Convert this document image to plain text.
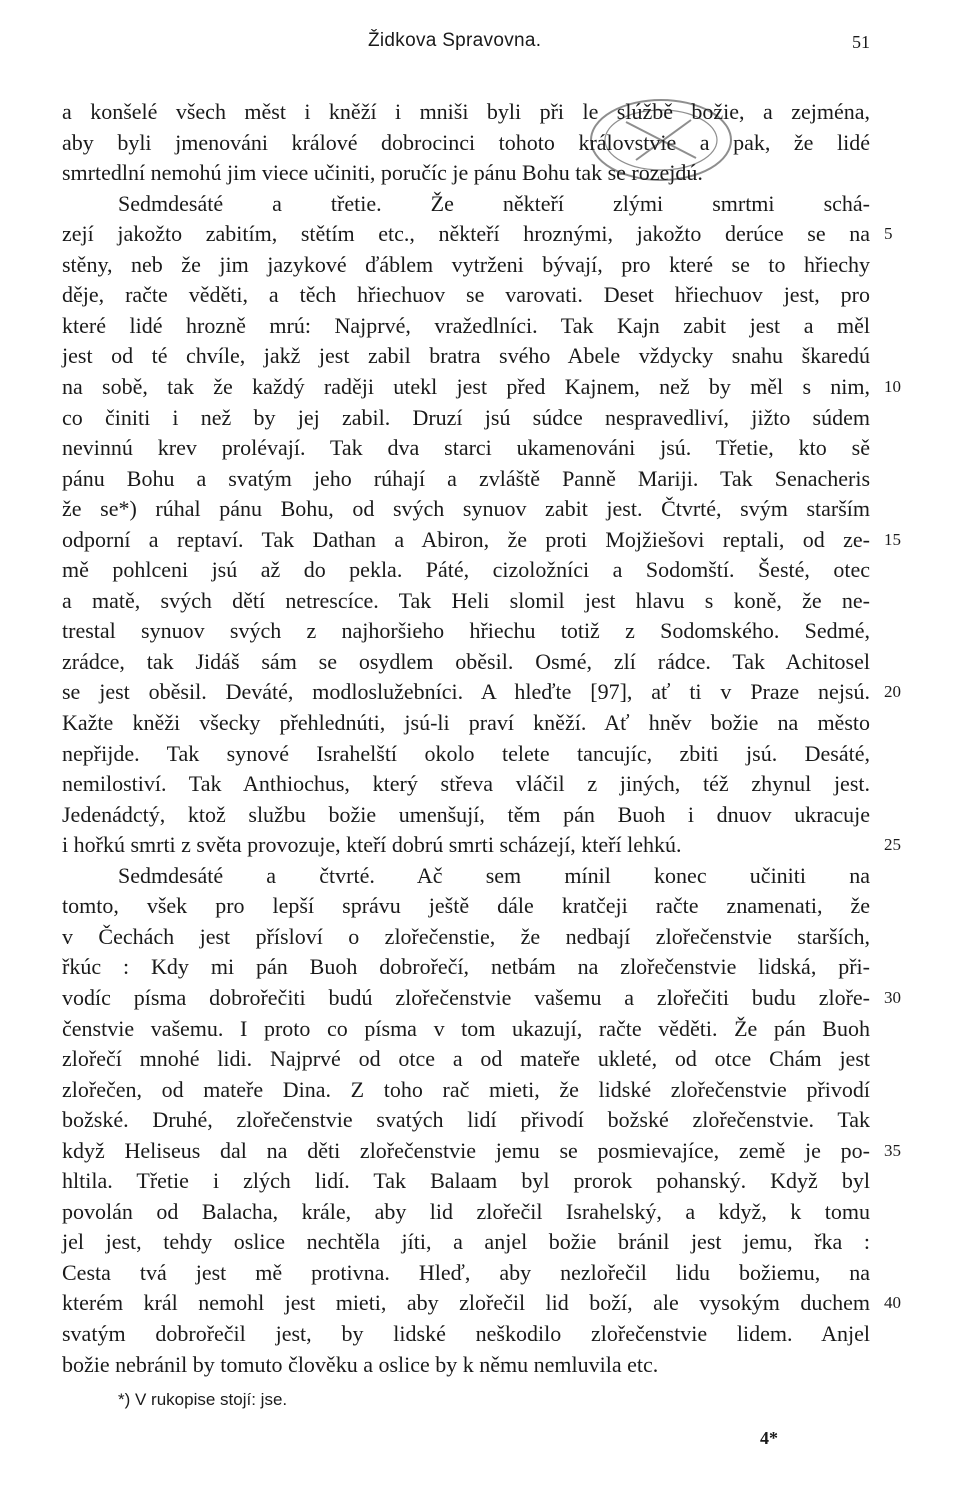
Židkova Spravovna.	51
a konšelé všech měst i kněží i mniši byli při le slúžbě božie, a zejména,
aby byli jmenováni králové dobrocinci tohoto královstvie a pak, že lidé
smrtedlní nemohú jim viece učiniti, poručíc je pánu Bohu tak se rozejdú.
Sedmdesáté a třetie. Že někteří zlými smrtmi schá-
zejí jakožto zabitím, stětím etc., někteří hroznými, jakožto derúce se na
stěny, neb že jim jazykové ďáblem vytrženi bývají, pro které se to hřiechy
děje, račte věděti, a těch hřiechuov se varovati. Deset hřiechuov jest, pro
které lidé hrozně mrú: Najprvé, vražedlníci. Tak Kajn zabit jest a měl
jest od té chvíle, jakž jest zabil bratra svého Abele vždycky snahu škaredú
na sobě, tak že každý raději utekl jest před Kajnem, než by měl s nim,
co činiti i než by jej zabil. Druzí jsú súdce nespravedliví, jižto súdem
nevinnú krev prolévají. Tak dva starci ukamenováni jsú. Třetie, kto sě
pánu Bohu a svatým jeho rúhají a zvláště Panně Mariji. Tak Senacheris
že se*) rúhal pánu Bohu, od svých synuov zabit jest. Čtvrté, svým starším
odporní a reptaví. Tak Dathan a Abiron, že proti Mojžiešovi reptali, od ze-
mě pohlceni jsú až do pekla. Páté, cizoložníci a Sodomští. Šesté, otec
a matě, svých dětí netrescíce. Tak Heli slomil jest hlavu s koně, že ne-
trestal synuov svých z najhoršieho hřiechu totiž z Sodomského. Sedmé,
zrádce, tak Jidáš sám se osydlem oběsil. Osmé, zlí rádce. Tak Achitosel
se jest oběsil. Deváté, modloslužebníci. A hleďte [97], ať ti v Praze nejsú.
Kažte kněži všecky přehlednúti, jsú-li praví kněží. Ať hněv božie na město
nepřijde. Tak synové Israhelští okolo telete tancujíc, zbiti jsú. Desáté,
nemilostiví. Tak Anthiochus, který střeva vláčil z jiných, též zhynul jest.
Jedenádctý, ktož službu božie umenšují, těm pán Buoh i dnuov ukracuje
i hořkú smrti z světa provozuje, kteří dobrú smrti scházejí, kteří lehkú.
Sedmdesáté a čtvrté. Ač sem mínil konec učiniti na
tomto, všek pro lepší správu ještě dále kratčeji račte znamenati, že
v Čechách jest přísloví o zlořečenstie, že nedbají zlořečenstvie starších,
řkúc : Kdy mi pán Buoh dobrořečí, netbám na zlořečenstvie lidská, při-
vodíc písma dobrořečiti budú zlořečenstvie vašemu a zlořečiti budu zloře-
čenstvie vašemu. I proto co písma v tom ukazují, račte věděti. Že pán Buoh
zlořečí mnohé lidi. Najprvé od otce a od mateře ukleté, od otce Chám jest
zlořečen, od mateře Dina. Z toho rač mieti, že lidské zlořečenstvie přivodí
božské. Druhé, zlořečenstvie svatých lidí přivodí božské zlořečenstvie. Tak
když Heliseus dal na děti zlořečenstvie jemu se posmievajíce, země je po-
hltila. Třetie i zlých lidí. Tak Balaam byl prorok pohanský. Když byl
povolán od Balacha, krále, aby lid zlořečil Israhelský, a když, k tomu
jel jest, tehdy oslice nechtěla jíti, a anjel božie bránil jest jemu, řka :
Cesta tvá jest mě protivna. Hleď, aby nezlořečil lidu božiemu, na
kterém král nemohl jest mieti, aby zlořečil lid boží, ale vysokým duchem
svatým dobrořečil jest, by lidské neškodilo zlořečenstvie lidem. Anjel
božie nebránil by tomuto člověku a oslice by k němu nemluvila etc.
5
10
15
20
25
30
35
40
*) V rukopise stojí: jse.
4*
